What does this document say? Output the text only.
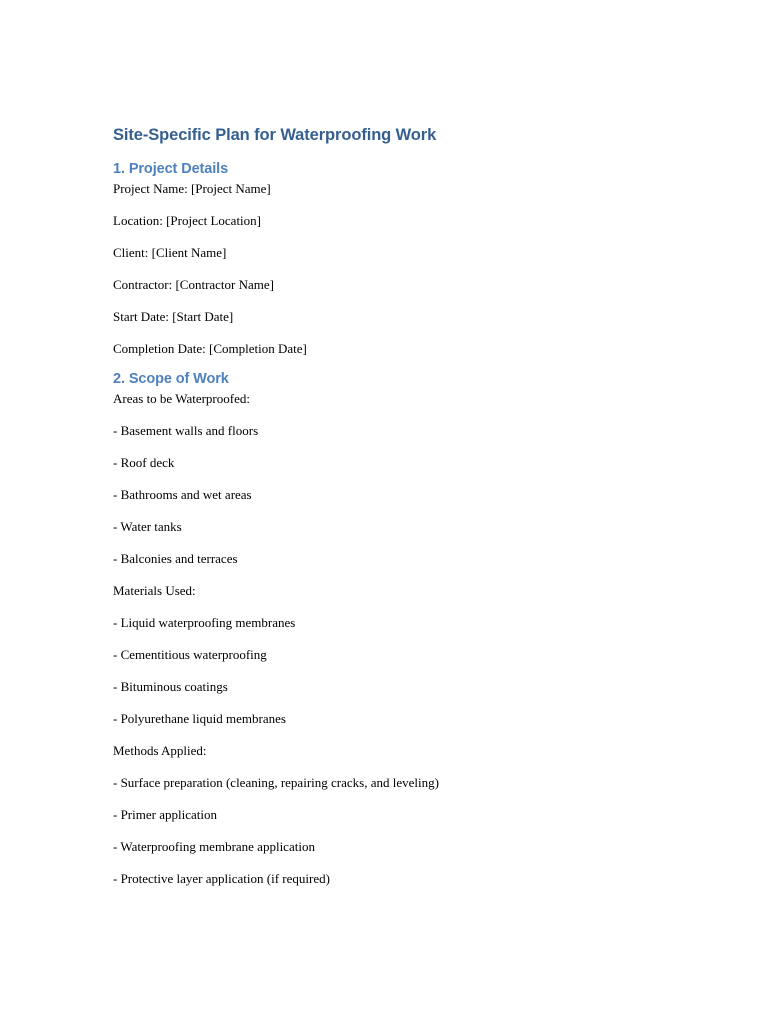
Site-Specific Plan for Waterproofing Work
1. Project Details

Project Name: [Project Name]

Location: [Project Location]

Client: [Client Name]

Contractor: [Contractor Name]

Start Date: [Start Date]

Completion Date: [Completion Date]

2. Scope of Work

Areas to be Waterproofed:

- Basement walls and floors

- Roof deck

- Bathrooms and wet areas

- Water tanks

- Balconies and terraces

Materials Used:

- Liquid waterproofing membranes

- Cementitious waterproofing

- Bituminous coatings

- Polyurethane liquid membranes

Methods Applied:

- Surface preparation (cleaning, repairing cracks, and leveling)

- Primer application

- Waterproofing membrane application

- Protective layer application (if required)
